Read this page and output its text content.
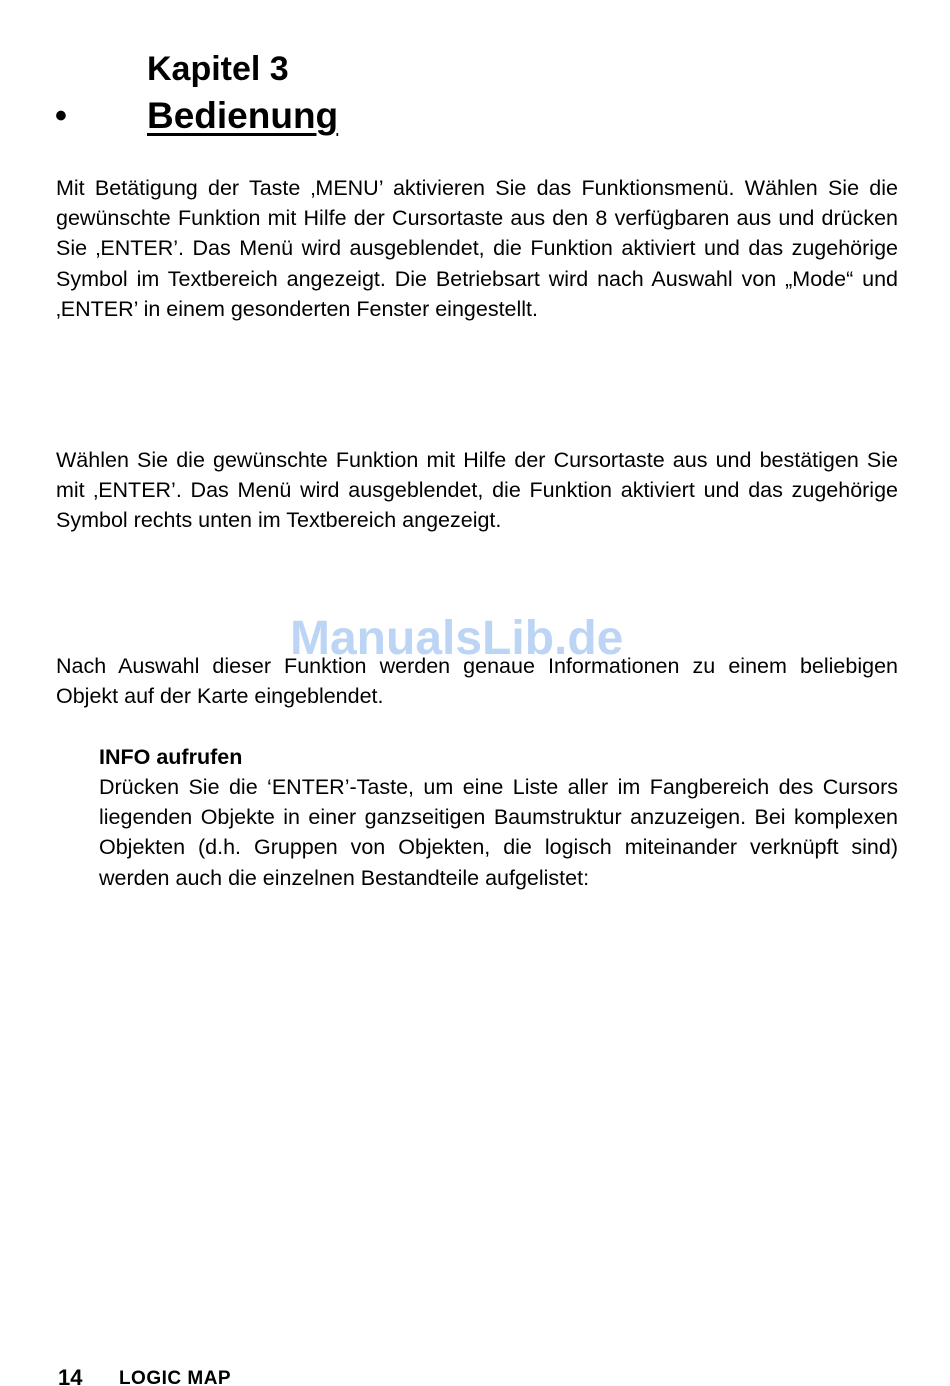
Kapitel 3
• Bedienung

Mit Betätigung der Taste ‚MENU’ aktivieren Sie das Funktionsmenü. Wählen Sie die gewünschte Funktion mit Hilfe der Cursortaste aus den 8 verfügbaren aus und drücken Sie ‚ENTER’. Das Menü wird ausgeblendet, die Funktion aktiviert und das zugehörige Symbol im Textbereich angezeigt. Die Betriebsart wird nach Auswahl von „Mode“ und ‚ENTER’ in einem gesonderten Fenster eingestellt.

Wählen Sie die gewünschte Funktion mit Hilfe der Cursortaste aus und bestätigen Sie mit ‚ENTER’. Das Menü wird ausgeblendet, die Funktion aktiviert und das zugehörige Symbol rechts unten im Textbereich angezeigt.

Nach Auswahl dieser Funktion werden genaue Informationen zu einem beliebigen Objekt auf der Karte eingeblendet.

INFO aufrufen

Drücken Sie die ‘ENTER’-Taste, um eine Liste aller im Fangbereich des Cursors liegenden Objekte in einer ganzseitigen Baumstruktur anzuzeigen. Bei komplexen Objekten (d.h. Gruppen von Objekten, die logisch miteinander verknüpft sind) werden auch die einzelnen Bestandteile aufgelistet:

ManualsLib.de
14 LOGIC MAP
